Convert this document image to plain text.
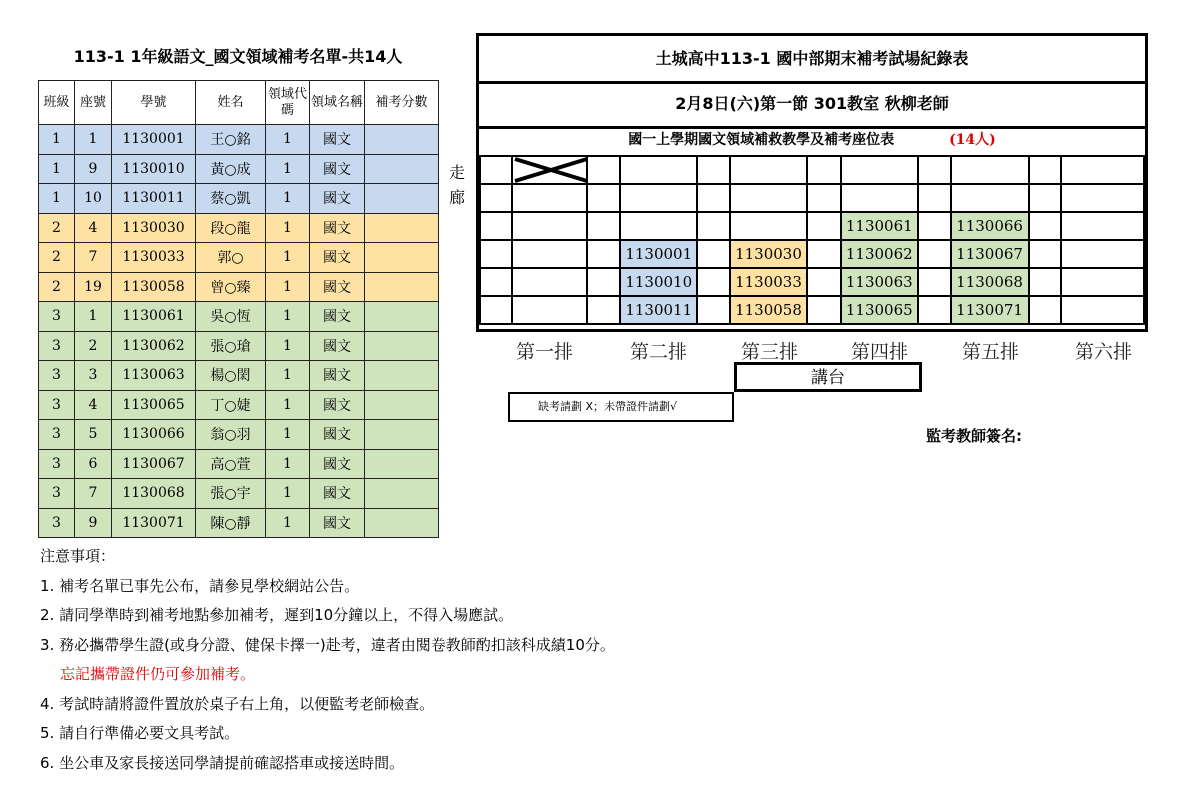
113-1 1年級語文_國文領域補考名單-共14人
班級	座號	學號	姓名	領域代碼	領域名稱	補考分數
1	1	1130001	王○銘	1	國文	
1	9	1130010	黃○成	1	國文	
1	10	1130011	蔡○凱	1	國文	
2	4	1130030	段○龍	1	國文	
2	7	1130033	郭○	1	國文	
2	19	1130058	曾○臻	1	國文	
3	1	1130061	吳○恆	1	國文	
3	2	1130062	張○瑲	1	國文	
3	3	1130063	楊○閎	1	國文	
3	4	1130065	丁○婕	1	國文	
3	5	1130066	翁○羽	1	國文	
3	6	1130067	高○萱	1	國文	
3	7	1130068	張○宇	1	國文	
3	9	1130071	陳○靜	1	國文	
注意事項：
1. 補考名單已事先公布，請參見學校網站公告。
2. 請同學準時到補考地點參加補考，遲到10分鐘以上，不得入場應試。
3. 務必攜帶學生證(或身分證、健保卡擇一)赴考，違者由閱卷教師酌扣該科成績10分。
忘記攜帶證件仍可參加補考。
4. 考試時請將證件置放於桌子右上角，以便監考老師檢查。
5. 請自行準備必要文具考試。
6. 坐公車及家長接送同學請提前確認搭車或接送時間。
走
廊
土城高中113-1 國中部期末補考試場紀錄表
2月8日(六)第一節 301教室 秋柳老師
國一上學期國文領域補救教學及補考座位表	(14人)

							1130061		1130066		
			1130001		1130030		1130062		1130067		
			1130010		1130033		1130063		1130068		
			1130011		1130058		1130065		1130071		
第一排	第二排	第三排	第四排	第五排	第六排
講台
缺考請劃 X；未帶證件請劃√
監考教師簽名:
